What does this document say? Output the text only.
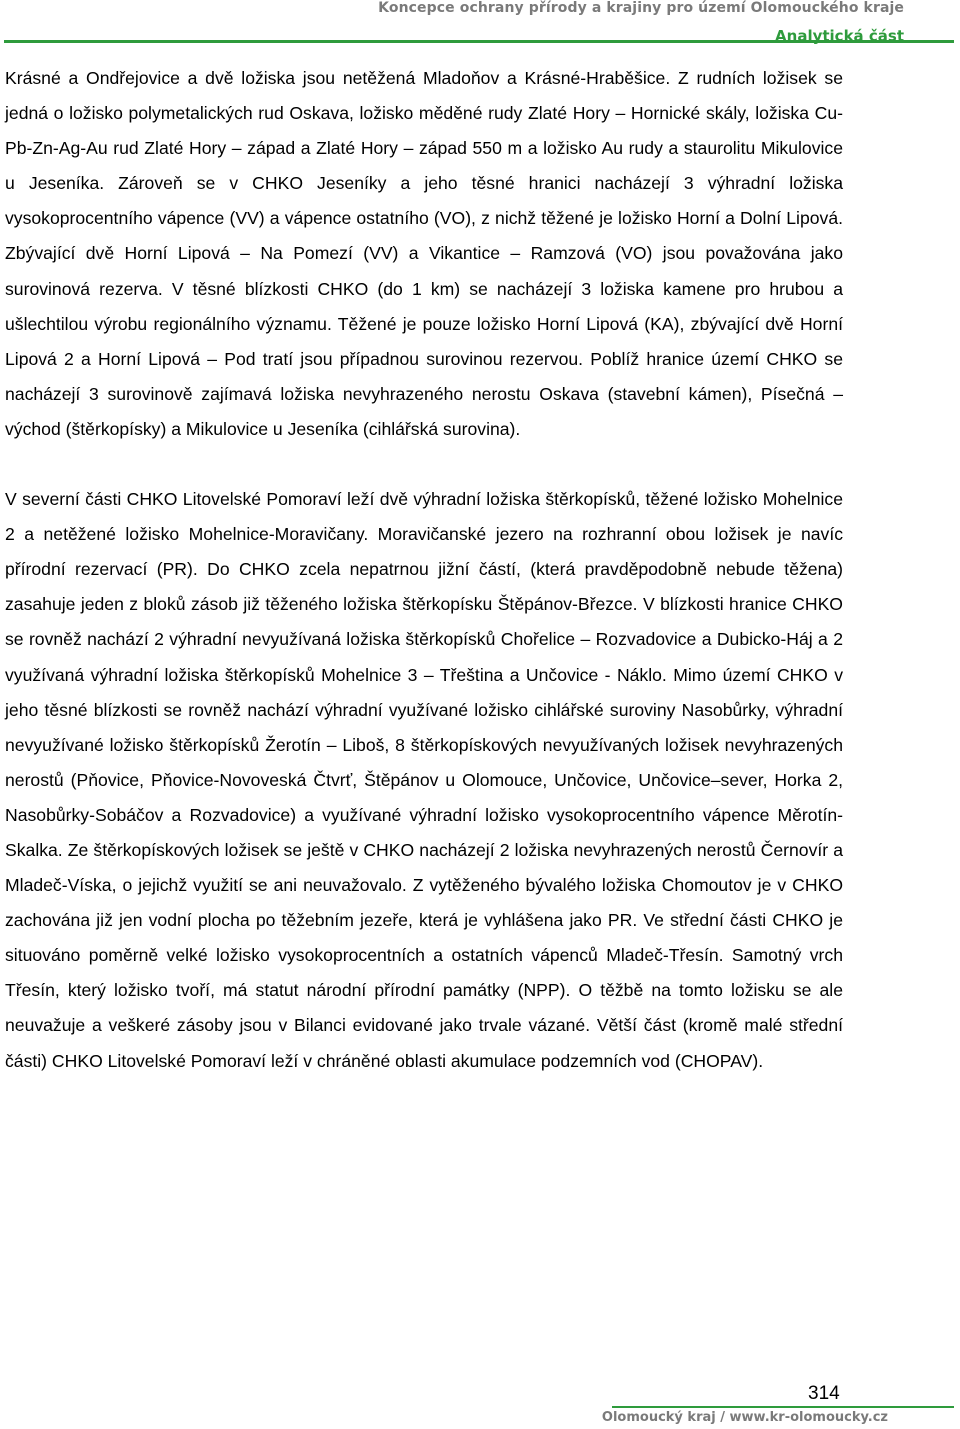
Koncepce ochrany přírody a krajiny pro území Olomouckého kraje
Analytická část

Krásné a Ondřejovice a dvě ložiska jsou netěžená Mladoňov a Krásné-Hraběšice. Z rudních ložisek se jedná o ložisko polymetalických rud Oskava, ložisko měděné rudy Zlaté Hory – Hornické skály, ložiska Cu-Pb-Zn-Ag-Au rud Zlaté Hory – západ a Zlaté Hory – západ 550 m a ložisko Au rudy a staurolitu Mikulovice u Jeseníka. Zároveň se v CHKO Jeseníky a jeho těsné hranici nacházejí 3 výhradní ložiska vysokoprocentního vápence (VV) a vápence ostatního (VO), z nichž těžené je ložisko Horní a Dolní Lipová. Zbývající dvě Horní Lipová – Na Pomezí (VV) a Vikantice – Ramzová (VO) jsou považována jako surovinová rezerva. V těsné blízkosti CHKO (do 1 km) se nacházejí 3 ložiska kamene pro hrubou a ušlechtilou výrobu regionálního významu. Těžené je pouze ložisko Horní Lipová (KA), zbývající dvě Horní Lipová 2 a Horní Lipová – Pod tratí jsou případnou surovinou rezervou. Poblíž hranice území CHKO se nacházejí 3 surovinově zajímavá ložiska nevyhrazeného nerostu Oskava (stavební kámen), Písečná – východ (štěrkopísky) a Mikulovice u Jeseníka (cihlářská surovina).

V severní části CHKO Litovelské Pomoraví leží dvě výhradní ložiska štěrkopísků, těžené ložisko Mohelnice 2 a netěžené ložisko Mohelnice-Moravičany. Moravičanské jezero na rozhranní obou ložisek je navíc přírodní rezervací (PR). Do CHKO zcela nepatrnou jižní částí, (která pravděpodobně nebude těžena) zasahuje jeden z bloků zásob již těženého ložiska štěrkopísku Štěpánov-Březce. V blízkosti hranice CHKO se rovněž nachází 2 výhradní nevyužívaná ložiska štěrkopísků Chořelice – Rozvadovice a Dubicko-Háj a 2 využívaná výhradní ložiska štěrkopísků Mohelnice 3 – Třeština a Unčovice - Náklo. Mimo území CHKO v jeho těsné blízkosti se rovněž nachází výhradní využívané ložisko cihlářské suroviny Nasobůrky, výhradní nevyužívané ložisko štěrkopísků Žerotín – Liboš, 8 štěrkopískových nevyužívaných ložisek nevyhrazených nerostů (Pňovice, Pňovice-Novoveská Čtvrť, Štěpánov u Olomouce, Unčovice, Unčovice–sever, Horka 2, Nasobůrky-Sobáčov a Rozvadovice) a využívané výhradní ložisko vysokoprocentního vápence Měrotín-Skalka. Ze štěrkopískových ložisek se ještě v CHKO nacházejí 2 ložiska nevyhrazených nerostů Černovír a Mladeč-Víska, o jejichž využití se ani neuvažovalo. Z vytěženého bývalého ložiska Chomoutov je v CHKO zachována již jen vodní plocha po těžebním jezeře, která je vyhlášena jako PR. Ve střední části CHKO je situováno poměrně velké ložisko vysokoprocentních a ostatních vápenců Mladeč-Třesín. Samotný vrch Třesín, který ložisko tvoří, má statut národní přírodní památky (NPP). O těžbě na tomto ložisku se ale neuvažuje a veškeré zásoby jsou v Bilanci evidované jako trvale vázané. Větší část (kromě malé střední části) CHKO Litovelské Pomoraví leží v chráněné oblasti akumulace podzemních vod (CHOPAV).

314
Olomoucký kraj / www.kr-olomoucky.cz
